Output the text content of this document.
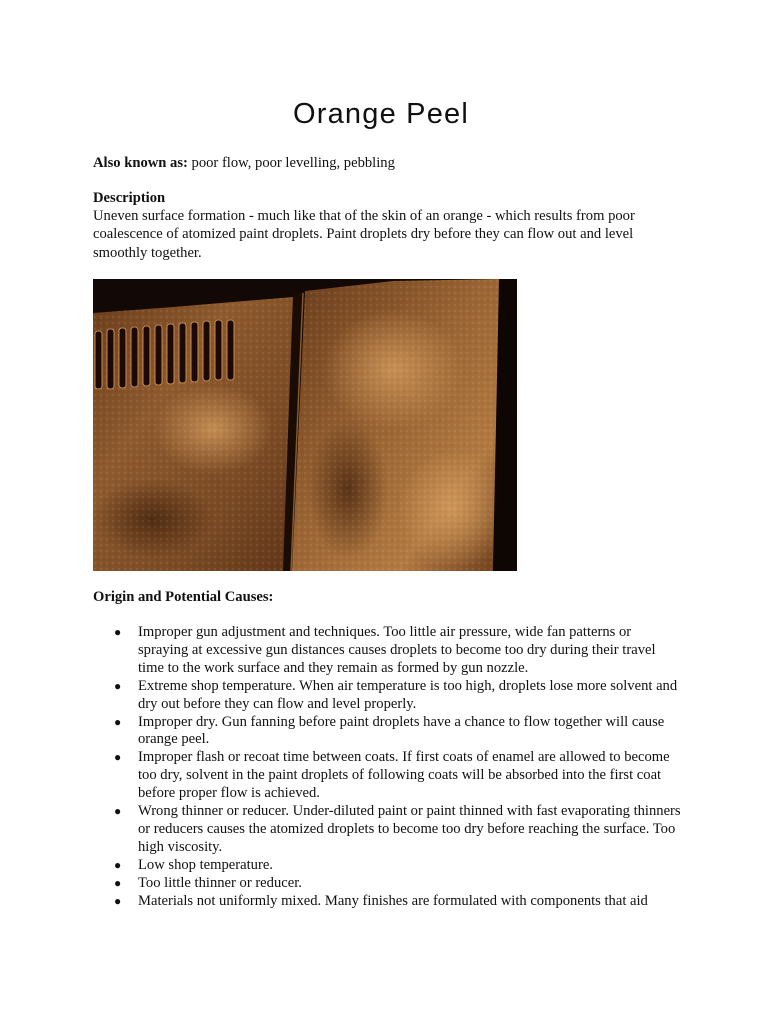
Orange Peel
Also known as: poor flow, poor levelling, pebbling
Description
Uneven surface formation - much like that of the skin of an orange - which results from poor coalescence of atomized paint droplets. Paint droplets dry before they can flow out and level smoothly together.
Origin and Potential Causes:
● Improper gun adjustment and techniques. Too little air pressure, wide fan patterns or spraying at excessive gun distances causes droplets to become too dry during their travel time to the work surface and they remain as formed by gun nozzle.
● Extreme shop temperature. When air temperature is too high, droplets lose more solvent and dry out before they can flow and level properly.
● Improper dry. Gun fanning before paint droplets have a chance to flow together will cause orange peel.
● Improper flash or recoat time between coats. If first coats of enamel are allowed to become too dry, solvent in the paint droplets of following coats will be absorbed into the first coat before proper flow is achieved.
● Wrong thinner or reducer. Under-diluted paint or paint thinned with fast evaporating thinners or reducers causes the atomized droplets to become too dry before reaching the surface. Too high viscosity.
● Low shop temperature.
● Too little thinner or reducer.
● Materials not uniformly mixed. Many finishes are formulated with components that aid
